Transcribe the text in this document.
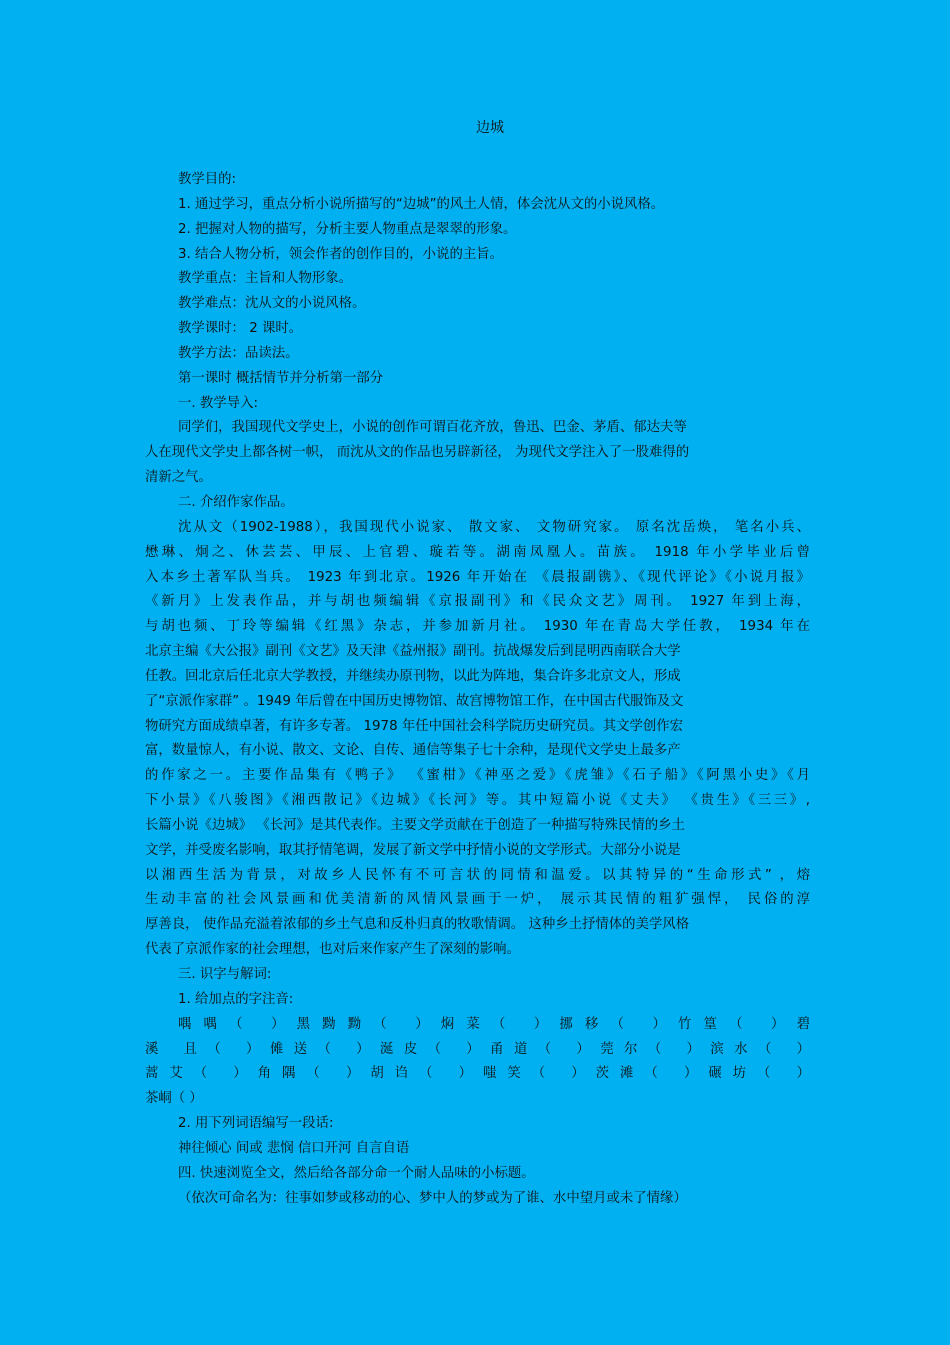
边城

教学目的:

1. 通过学习，重点分析小说所描写的“边城”的风土人情，体会沈从文的小说风格。

2. 把握对人物的描写，分析主要人物重点是翠翠的形象。

3. 结合人物分析，领会作者的创作目的，小说的主旨。

教学重点：主旨和人物形象。

教学难点：沈从文的小说风格。

教学课时： 2 课时。

教学方法：品读法。

第一课时 概括情节并分析第一部分

一. 教学导入:

同学们，我国现代文学史上，小说的创作可谓百花齐放，鲁迅、巴金、茅盾、郁达夫等

人在现代文学史上都各树一帜， 而沈从文的作品也另辟新径， 为现代文学注入了一股难得的

清新之气。

二. 介绍作家作品。

沈从文（1902-1988），我国现代小说家、 散文家、 文物研究家。 原名沈岳焕， 笔名小兵、

懋琳、炯之、休芸芸、甲辰、上官碧、璇若等。湖南凤凰人。苗族。 1918 年小学毕业后曾

入本乡土著军队当兵。 1923 年到北京。1926 年开始在 《晨报副镌》、《现代评论》《小说月报》

《新月》上发表作品，并与胡也频编辑《京报副刊》和《民众文艺》周刊。 1927 年到上海，

与胡也频、丁玲等编辑《红黑》杂志，并参加新月社。 1930 年在青岛大学任教， 1934 年在

北京主编《大公报》副刊《文艺》及天津《益州报》副刊。抗战爆发后到昆明西南联合大学

任教。回北京后任北京大学教授，并继续办原刊物，以此为阵地，集合许多北京文人，形成

了“京派作家群” 。1949 年后曾在中国历史博物馆、故宫博物馆工作，在中国古代服饰及文

物研究方面成绩卓著，有许多专著。 1978 年任中国社会科学院历史研究员。其文学创作宏

富，数量惊人，有小说、散文、文论、自传、通信等集子七十余种，是现代文学史上最多产

的作家之一。主要作品集有《鸭子》 《蜜柑》《神巫之爱》《虎雏》《石子船》《阿黑小史》《月

下小景》《八骏图》《湘西散记》《边城》《长河》等。其中短篇小说《丈夫》 《贵生》《三三》,

长篇小说《边城》 《长河》是其代表作。主要文学贡献在于创造了一种描写特殊民情的乡土

文学，并受废名影响，取其抒情笔调，发展了新文学中抒情小说的文学形式。大部分小说是

以湘西生活为背景，对故乡人民怀有不可言状的同情和温爱。以其特异的“生命形式” ，熔

生动丰富的社会风景画和优美清新的风情风景画于一炉， 展示其民情的粗犷强悍， 民俗的淳

厚善良， 使作品充溢着浓郁的乡土气息和反朴归真的牧歌情调。 这种乡土抒情体的美学风格

代表了京派作家的社会理想，也对后来作家产生了深刻的影响。

三. 识字与解词:

1. 给加点的字注音:

喁喁（ ）黑黝黝（ ）焖菜（ ）挪移（ ）竹篁（ ）碧

溪 且（ ）傩送（ ）涎皮（ ）甬道（ ）莞尔（ ）滨水（ ）

蒿艾（ ）角隅（ ）胡诌（ ）嗤笑（ ）茨滩（ ）碾坊（ ）

茶峒（ ）

2. 用下列词语编写一段话:

神往倾心 间或 悲悯 信口开河 自言自语

四. 快速浏览全文，然后给各部分命一个耐人品味的小标题。

（依次可命名为：往事如梦或移动的心、梦中人的梦或为了谁、水中望月或未了情缘）
